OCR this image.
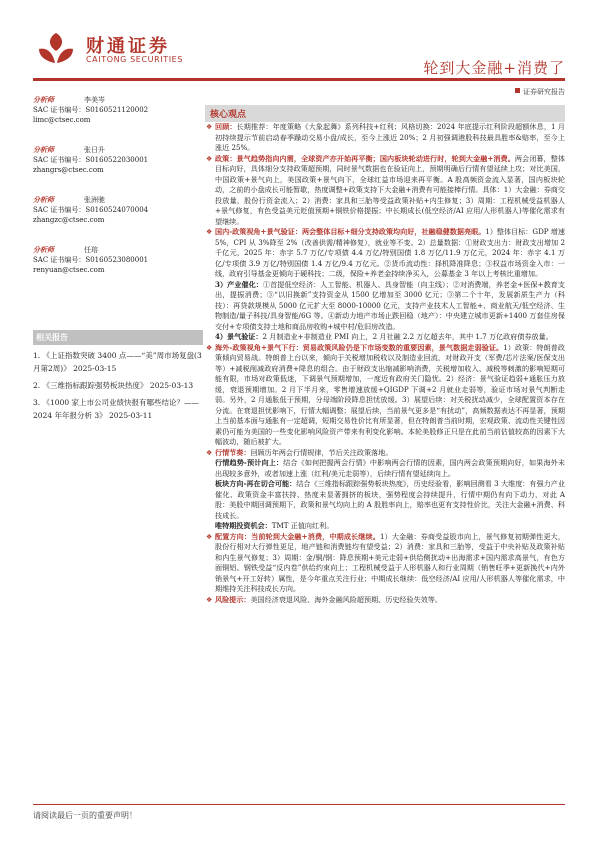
财通证券
CAITONG SECURITIES	轮到大金融+消费了
证券研究报告
分析师	李美岑
SAC 证书编号：S0160521120002
limc@ctsec.com
分析师	张日升
SAC 证书编号：S0160522030001
zhangrs@ctsec.com
分析师	张洲驰
SAC 证书编号：S0160524070004
zhangzc@ctsec.com
分析师	任瑢
SAC 证书编号：S0160523080001
renyuan@ctsec.com
相关报告
1. 《上证指数突破 3400 点——“美”周市场复盘(3月第2周)》 2025-03-15
2. 《三维指标跟踪强势板块热度》 2025-03-13
3. 《1000 家上市公司业绩快报有哪些结论？——2024 年年报分析 3》 2025-03-11
核心观点
❖ 回顾：长期推荐：年度策略《大象起舞》系列科技+红利；风格切换：2024 年底提示红利阶段超额休息，1 月初持续提示节前启动春季躁动交易小盘/成长，至今上涨近 20%；2 月初强调港股科技最具胜率&赔率，至今上涨近 25%。
❖ 政策：景气趋势指向内需，全球资产亦开始再平衡；国内板块轮动进行时，轮到大金融+消费。两会闭幕，整体目标向好，具体细分支持政策超预期，同时景气数据也在验证向上，预期明确后行情有望延续上攻；对比美国，中国政策+景气向上，美国政策+景气向下，全球红益市场迎来再平衡。A 股高频资金流入显著，国内板块轮动，之前的小盘成长可能暂歇，热度调整+政策支持下大金融+消费有可能接棒行情。具体：1）大金融：券商交投放量，股份行资金流入；2）消费：家具和三胎等受益政策补贴+内生修复；3）周期：工程机械受益机器人+景气修复，有色受益美元贬值预期+铜铁价格提振；中长期成长(低空经济/AI 应用/人形机器人)等催化需求有望继续。
❖ 国内-政策视角+景气验证：两会整体目标+细分支持政策均向好，社融稳健数据亮眼。1）整体目标：GDP 增速 5%，CPI 从 3%降至 2%（改善供需/精神修复），就业等不变。2）总量数据：①财政支出力：财政支出增加 2 千亿元，2025 年：赤字 5.7 万亿/专项债 4.4 万亿/特别国债 1.8 万亿/11.9 万亿元，2024 年：赤字 4.1 万亿/专项债 3.9 万亿/特别国债 1.4 万亿/9.4 万亿元。②货币流动性：择机降准降息；③权益市场资金入市：一线，政府引导基金更倾向于硬科技；二级，保险+养老金持续净买入，公募基金 3 年以上考核比重增加。
3）产业催化：①首提低空经济：人工智能、机器人、具身智能（向主线）；②对消费端，养老金+医保+教育支出，提振消费；③“以旧换新”支持资金从 1500 亿增加至 3000 亿元；③第二个十年，发展新质生产力（科技）：再贷款规模从 5000 亿元扩大至 8000-10000 亿元，支持产业技术人工智能+、商业航天/低空经济、生物制造/量子科技/具身智能/6G 等。④新动力地产市场止跌回稳（地产）：中央建立城市更新+1400 万套住房保交付+专项债支持土地和商品房收购+城中村/危旧房改造。
4）景气验证：2 月制造业+非制造业 PMI 向上，2 月社融 2.2 万亿超去年，其中 1.7 万亿政府债券放量。
❖ 海外-政策视角+景气下行：贸易政策风险仍是下市场变数的重要因素，景气数据走弱验证。1）政策：特朗普政策倾向贸易战。特朗普上台以来，倾向于关税增加税收以及制造业回流，对财政开支（军费/芯片法案/医保支出等）+减税削减政府消费+降息的组合。由于财政支出缩减影响消费，关税增加收入、减税等刺激的影响短期可能有限，市场对政策低迷，下调景气预期增加，一度近有政府关门隐忧。2）经济：景气验证趋弱+通胀压力放缓，衰退预期增加。2 月下半月来，零售增速放缓+QIGDP 下调+2 月就业走弱等，验证市场对景气判断走弱。另外，2 月通胀低于预期，分母端阶段降息担忧放缓。3）展望后续：对关税扰动减少，全球配置资本存在分流。在衰退担忧影响下，行情大幅调整；展望后续，当前景气更多是“有扰动”，高频数据表达不再显著，预期上当前基本面与通胀有一定超调，短期交易性价比有所显著，但在特朗普当前时期，宏观政策、流动性关键性因素仍可能为美国的一些变化影响风险资产带来有利变化影响。本轮美股修正只是在此前当前估值较高的因素下大幅波动，随后被扩大。
❖ 行情节奏：回顾历年两会行情规律，节后关注政策落地。
行情趋势-预计向上：结合《如何把握两会行情》中影响两会行情的因素，国内两会政策预期向好，如果海外未出现较多意外，或者加速上涨（红利/美元走弱等），后续行情有望延续向上。
板块方向-再在切合可能：结合《三维指标跟踪强势板块热度》，历史经验看，影响回测看 3 大维度：有强力产业催化、政策资金丰富扶持、热度未显著拥挤的板块，强势程度会持续提升，行情中期仍有向下动力，对此 A 股：美股中期回调预期下，政策和景气均向上的 A 股胜率向上，赔率也更有支持性价比，关注大金融+消费、科技成长。
唯特期投资机会：TMT 正值向红利。
❖ 配置方向：当前轮到大金融+消费，中期成长继续。1）大金融：券商受益股市向上，景气修复初期弹性更大，股份行相对大行弹性更足，地产链和消费链均有望受益；2）消费：家具和三胎等，受益于中央补贴及政策补贴和内生景气修复；3）周期：金/铜/钢：降息预期+美元走弱+供给侧扰动+出海需求+国内需求高景气，有色方面铜铝、钢铁受益“反内卷”供给约束向上；工程机械受益于人形机器人和行业周期（销售旺季+更新换代+内外销景气+开工好转）属性，是今年重点关注行业；中期成长继续：低空经济/AI 应用/人形机器人等催化需求，中期维持关注科技成长方向。
❖ 风险提示：美国经济衰退风险、海外金融风险超预期、历史经验失效等。
请阅读最后一页的重要声明！
